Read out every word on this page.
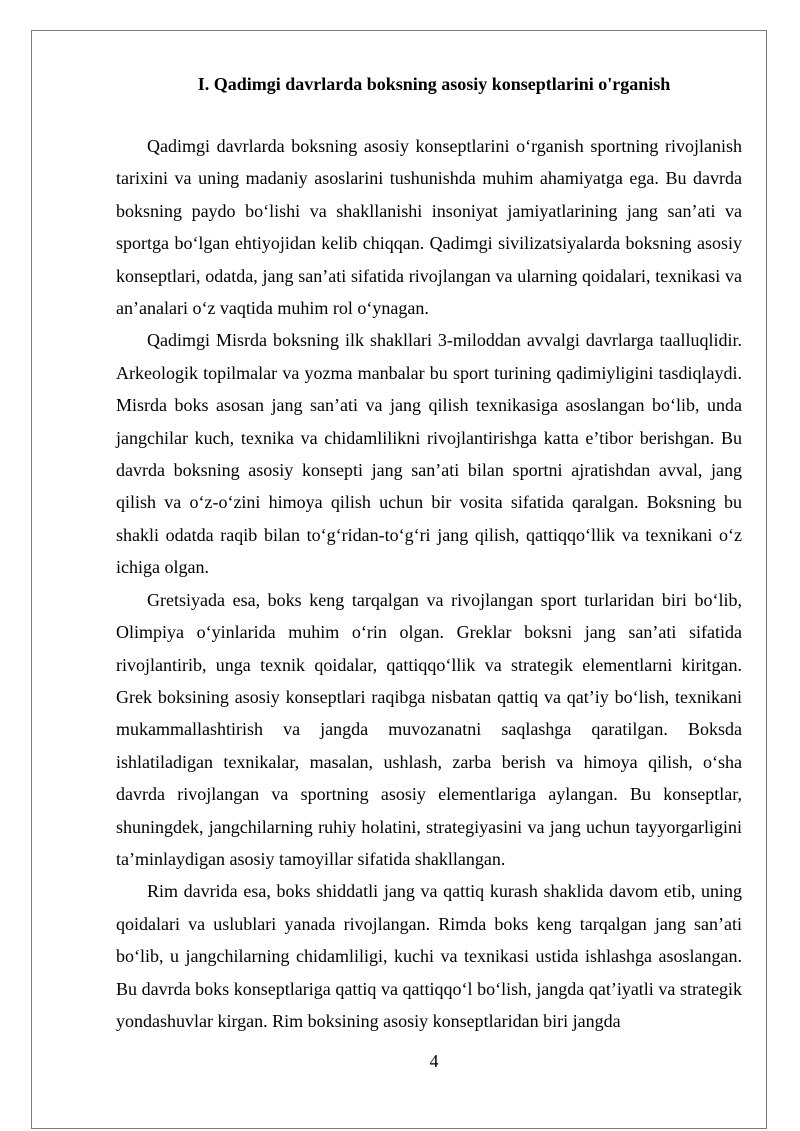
I. Qadimgi davrlarda boksning asosiy konseptlarini o'rganish

Qadimgi davrlarda boksning asosiy konseptlarini o‘rganish sportning rivojlanish tarixini va uning madaniy asoslarini tushunishda muhim ahamiyatga ega. Bu davrda boksning paydo bo‘lishi va shakllanishi insoniyat jamiyatlarining jang san’ati va sportga bo‘lgan ehtiyojidan kelib chiqqan. Qadimgi sivilizatsiyalarda boksning asosiy konseptlari, odatda, jang san’ati sifatida rivojlangan va ularning qoidalari, texnikasi va an’analari o‘z vaqtida muhim rol o‘ynagan.

Qadimgi Misrda boksning ilk shakllari 3-miloddan avvalgi davrlarga taalluqlidir. Arkeologik topilmalar va yozma manbalar bu sport turining qadimiyligini tasdiqlaydi. Misrda boks asosan jang san’ati va jang qilish texnikasiga asoslangan bo‘lib, unda jangchilar kuch, texnika va chidamlilikni rivojlantirishga katta e’tibor berishgan. Bu davrda boksning asosiy konsepti jang san’ati bilan sportni ajratishdan avval, jang qilish va o‘z-o‘zini himoya qilish uchun bir vosita sifatida qaralgan. Boksning bu shakli odatda raqib bilan to‘g‘ridan-to‘g‘ri jang qilish, qattiqqo‘llik va texnikani o‘z ichiga olgan.

Gretsiyada esa, boks keng tarqalgan va rivojlangan sport turlaridan biri bo‘lib, Olimpiya o‘yinlarida muhim o‘rin olgan. Greklar boksni jang san’ati sifatida rivojlantirib, unga texnik qoidalar, qattiqqo‘llik va strategik elementlarni kiritgan. Grek boksining asosiy konseptlari raqibga nisbatan qattiq va qat’iy bo‘lish, texnikani mukammallashtirish va jangda muvozanatni saqlashga qaratilgan. Boksda ishlatiladigan texnikalar, masalan, ushlash, zarba berish va himoya qilish, o‘sha davrda rivojlangan va sportning asosiy elementlariga aylangan. Bu konseptlar, shuningdek, jangchilarning ruhiy holatini, strategiyasini va jang uchun tayyorgarligini ta’minlaydigan asosiy tamoyillar sifatida shakllangan.

Rim davrida esa, boks shiddatli jang va qattiq kurash shaklida davom etib, uning qoidalari va uslublari yanada rivojlangan. Rimda boks keng tarqalgan jang san’ati bo‘lib, u jangchilarning chidamliligi, kuchi va texnikasi ustida ishlashga asoslangan. Bu davrda boks konseptlariga qattiq va qattiqqo‘l bo‘lish, jangda qat’iyatli va strategik yondashuvlar kirgan. Rim boksining asosiy konseptlaridan biri jangda

4
